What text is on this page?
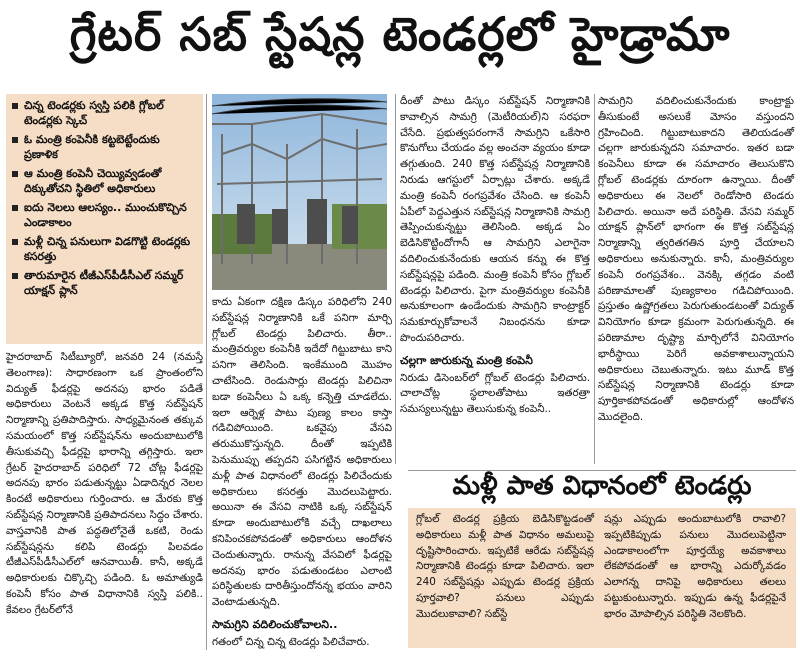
గ్రేటర్ సబ్ స్టేషన్ల టెండర్లలో హైడ్రామా
చిన్న టెండర్లకు స్వస్తి పలికి గ్లోబల్ టెండర్లకు స్కెచ్
ఓ మంత్రి కంపెనీకి కట్టబెట్టేందుకు ప్రణాళిక
ఆ మంత్రి కంపెనీ చెయ్యివ్వడంతో దిక్కుతోచని స్థితిలో అధికారులు
ఐదు నెలలు ఆలస్యం.. ముంచుకొచ్చిన ఎండాకాలం
మళ్లీ చిన్న పనులుగా విడగొట్టి టెండర్లకు కసరత్తు
తారుమారైన టీజీఎస్‌పీడీసీఎల్ సమ్మర్ యాక్షన్ ప్లాన్

హైదరాబాద్ సిటీబ్యూరో, జనవరి 24 (నమస్తే తెలంగాణ): సాధారణంగా ఒక ప్రాంతంలోని విద్యుత్ ఫీడర్లపై అదనపు భారం పడితే అధికారులు వెంటనే అక్కడ కొత్త సబ్‌స్టేషన్ నిర్మాణాన్ని ప్రతిపాదిస్తారు. సాధ్యమైనంత తక్కువ సమయంలో కొత్త సబ్‌స్టేషన్‌ను అందుబాటులోకి తీసుకువచ్చి ఫీడర్లపై భారాన్ని తగ్గిస్తారు. ఇలా గ్రేటర్ హైదరాబాద్ పరిధిలో 72 చోట్ల ఫీడర్లపై అదనపు భారం పడుతున్నట్టు ఏడాదిన్నర నెలల కిందటే అధికారులు గుర్తించారు. ఆ మేరకు కొత్త సబ్‌స్టేషన్ల నిర్మాణానికి ప్రతిపాదనలు సిద్ధం చేశారు. వాస్తవానికి పాత పద్ధతిలోనైతే ఒకటి, రెండు సబ్‌స్టేషన్లను కలిపి టెండర్లు పిలవడం టీజీఎస్‌పీడీసీఎల్‌లో ఆనవాయితీ. కానీ, అక్కడే అధికారులకు చిక్కొచ్చి పడింది. ఓ అమాత్యుడి కంపెనీ కోసం పాత విధానానికి స్వస్తి పలికి.. కేవలం గ్రేటర్‌లోనే

కాదు ఏకంగా దక్షిణ డిస్కం పరిధిలోని 240 సబ్‌స్టేషన్ల నిర్మాణానికి ఒకే పనిగా మార్చి గ్లోబల్ టెండర్లు పిలిచారు. తీరా.. మంత్రివర్యుల కంపెనీకి ఇదేదో గిట్టుబాటు కాని పనిగా తెలిసింది. ఇంకేముంది మొహం చాటేసింది. రెండుసార్లు టెండర్లు పిలిచినా బడా కంపెనీలు ఏ ఒక్క కన్నెత్తి చూడలేదు. ఇలా ఆర్నెళ్ల పాటు పుణ్య కాలం కాస్తా గడిచిపోయింది. ఒకవైపు వేసవి తరుముకొస్తున్నది. దీంతో ఇప్పటికి పెనుముప్పు తప్పదని పసిగట్టిన అధికారులు మళ్లీ పాత విధానంలో టెండర్లు పిలిచేందుకు అధికారులు కసరత్తు మొదలుపెట్టారు. అయినా ఈ వేసవి నాటికి ఒక్క సబ్‌స్టేషన్ కూడా అందుబాటులోకి వచ్చే దాఖలాలు కనిపించకపోవడంతో అధికారులు ఆందోళన చెందుతున్నారు. రానున్న వేసవిలో ఫీడర్లపై అదనపు భారం పడుతుండటం ఎలాంటి పరిస్థితులకు దారితీస్తుందోనన్న భయం వారిని వెంటాడుతున్నది.

సామగ్రిని వదిలించుకోవాలని..

గతంలో చిన్న చిన్న టెండర్లు పిలిచేవారు.

దీంతో పాటు డిస్కం సబ్‌స్టేషన్ నిర్మాణానికి కావాల్సిన సామగ్రి (మెటీరియల్)ని సరఫరా చేసేది. ప్రభుత్వపరంగానే సామగ్రిని ఒకేసారి కొనుగోలు చేయడం వల్ల అంచనా వ్యయం కూడా తగ్గుతుంది. 240 కొత్త సబ్‌స్టేషన్ల నిర్మాణానికి నిరుడు ఆగస్టులో ఏర్పాట్లు చేశారు. అక్కడే మంత్రి కంపెనీ రంగప్రవేశం చేసింది. ఆ కంపెనీ ఏపీలో పెద్దఎత్తున సబ్‌స్టేషన్ల నిర్మాణానికి సామగ్రి తెప్పించుకున్నట్టు తెలిసింది. అక్కడ ఏం బెడిసికొట్టిందోగానీ ఆ సామగ్రిని ఎలాగైనా వదిలించుకునేందుకు ఆయన కన్ను ఈ కొత్త సబ్‌స్టేషన్లపై పడింది. మంత్రి కంపెనీ కోసం గ్లోబల్ టెండర్లు పిలిచారు. పైగా మంత్రివర్యుల కంపెనీకి అనుకూలంగా ఉండేందుకు సామగ్రిని కాంట్రాక్టర్ సమకూర్చుకోవాలనే నిబంధనను కూడా పొందుపరిచారు.

చల్లగా జారుకున్న మంత్రి కంపెనీ

నిరుడు డిసెంబర్‌లో గ్లోబల్ టెండర్లు పిలిచారు. చాలాచోట్ల స్థలాలతోపాటు ఇతరత్రా సమస్యలున్నట్టు తెలుసుకున్న కంపెనీ..

సామగ్రిని వదిలించుకునేందుకు కాంట్రాక్టు తీసుకుంటే అసలుకే మోసం వస్తుందని గ్రహించింది. గిట్టుబాటుకాదని తెలియడంతో చల్లగా జారుకున్నదని సమాచారం. ఇతర బడా కంపెనీలు కూడా ఈ సమాచారం తెలుసుకొని గ్లోబల్ టెండర్లకు దూరంగా ఉన్నాయి. దీంతో అధికారులు ఈ నెలలో రెండోసారి టెండరు పిలిచారు. అయినా అదే పరిస్థితి. వేసవి సమ్మర్ యాక్షన్ ప్లాన్‌లో భాగంగా ఈ కొత్త సబ్‌స్టేషన్ల నిర్మాణాన్ని త్వరితగతిన పూర్తి చేయాలని అధికారులు అనుకున్నారు. కానీ, మంత్రివర్యుల కంపెనీ రంగప్రవేశం.. వెనక్కి తగ్గడం వంటి పరిణామాలతో పుణ్యకాలం గడిచిపోయింది. ప్రస్తుతం ఉష్ణోగ్రతలు పెరుగుతుండటంతో విద్యుత్ వినియోగం కూడా క్రమంగా పెరుగుతున్నది. ఈ పరిణామాల దృష్ట్యా మార్చిలోనే వినియోగం భారీస్థాయి పెరిగే అవకాశాలున్నాయని అధికారులు చెబుతున్నారు. ఇటు మూడ్ కొత్త సబ్‌స్టేషన్ల నిర్మాణానికి టెండర్లు కూడా పూర్తికాకపోవడంతో అధికారుల్లో ఆందోళన మొదలైంది.

మళ్లీ పాత విధానంలో టెండర్లు

గ్లోబల్ టెండర్ల ప్రక్రియ బెడిసికొట్టడంతో అధికారులు మళ్లీ పాత విధానం అమలుపై దృష్టిసారించారు. ఇప్పటికే ఆరేడు సబ్‌స్టేషన్ల నిర్మాణానికి టెండర్లు కూడా పిలిచారు. ఇలా 240 సబ్‌స్టేషన్లు ఎప్పుడు టెండర్ల ప్రక్రియ పూర్తవాలి? పనులు ఎప్పుడు మొదలుకావాలి? సబ్‌స్టే

షన్లు ఎప్పుడు అందుబాటులోకి రావాలి? ఇప్పటికిప్పుడు పనులు మొదలుపెట్టినా ఎండాకాలంలోగా పూర్తయ్యే అవకాశాలు లేకపోవడంతో ఆ భారాన్ని ఎదుర్కోవడం ఎలాగన్న దానిపై అధికారులు తలలు పట్టుకుంటున్నారు. ఇప్పుడు ఉన్న ఫీడర్లపైనే భారం మోపాల్సిన పరిస్థితి నెలకొంది.
